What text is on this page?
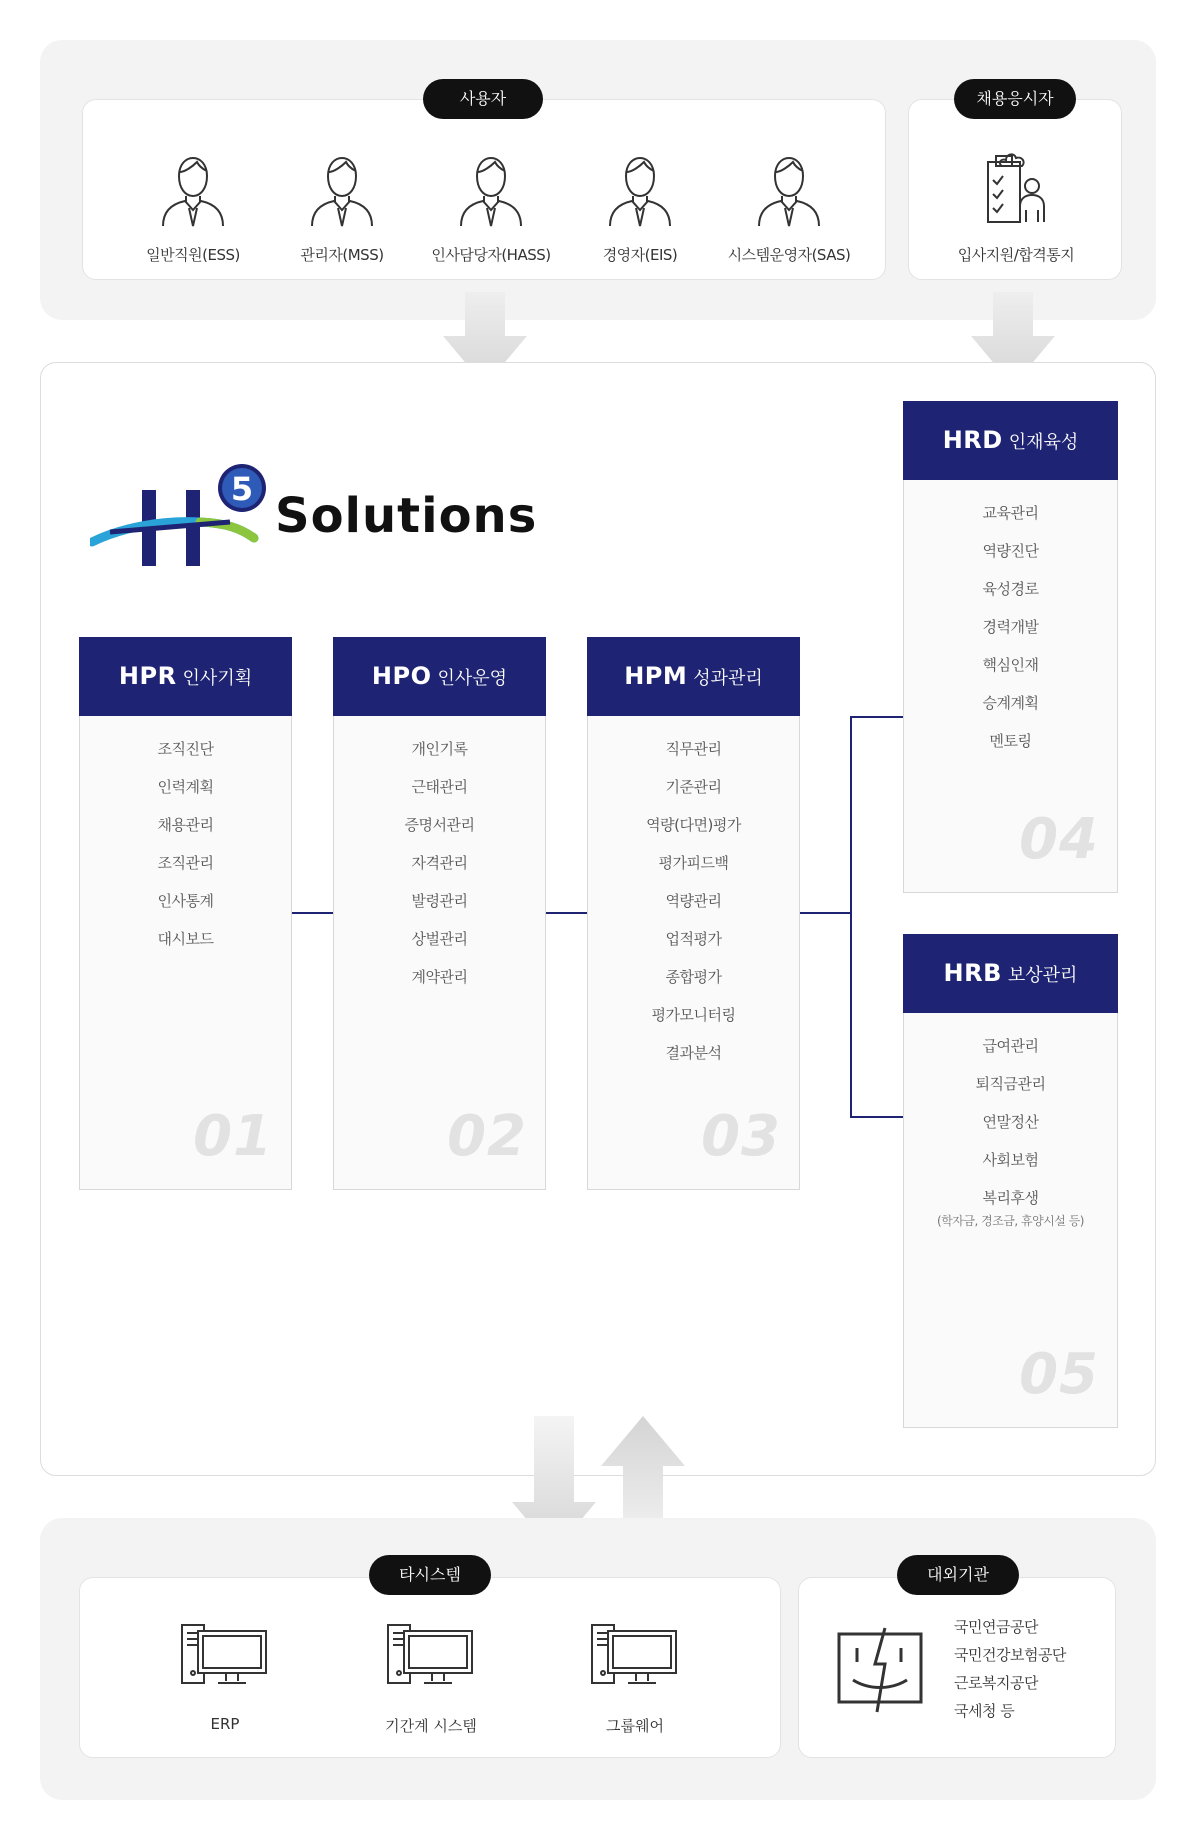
일반직원(ESS)	관리자(MSS)	인사담당자(HASS)	경영자(EIS)	시스템운영자(SAS)
사용자
입사지원/합격통지
채용응시자
5 Solutions
HPR 인사기획
조직진단
인력계획
채용관리
조직관리
인사통계
대시보드
01
HPO 인사운영
개인기록
근태관리
증명서관리
자격관리
발령관리
상벌관리
계약관리
02
HPM 성과관리
직무관리
기준관리
역량(다면)평가
평가피드백
역량관리
업적평가
종합평가
평가모니터링
결과분석
03
HRD 인재육성
교육관리
역량진단
육성경로
경력개발
핵심인재
승계계획
멘토링
04
HRB 보상관리
급여관리
퇴직금관리
연말정산
사회보험
복리후생
(학자금, 경조금, 휴양시설 등)
05
ERP	기간계 시스템	그룹웨어
타시스템
국민연금공단
국민건강보험공단
근로복지공단
국세청 등
대외기관
